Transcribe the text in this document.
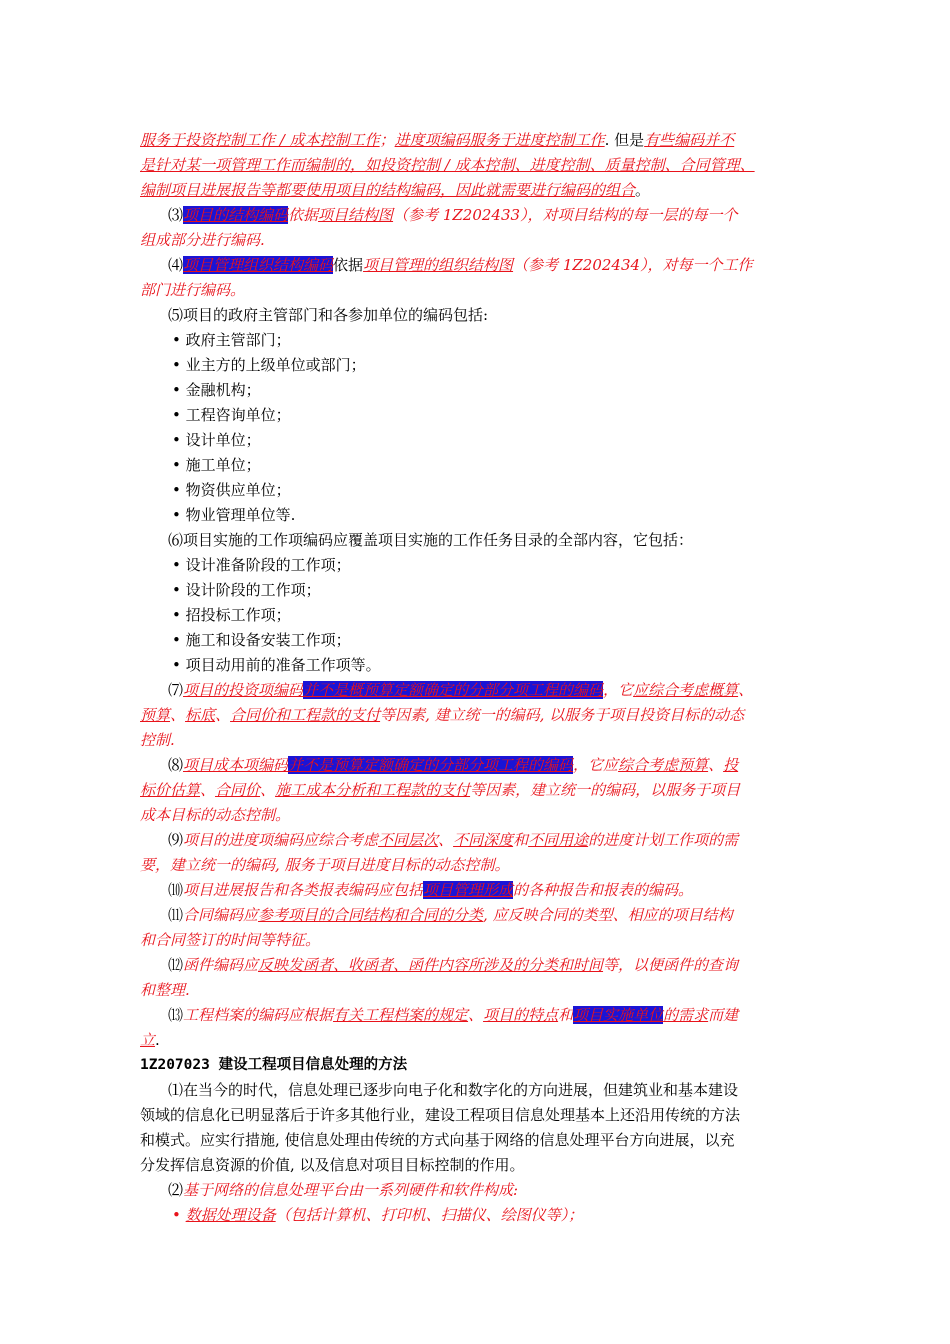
服务于投资控制工作 / 成本控制工作；进度项编码服务于进度控制工作. 但是有些编码并不
是针对某一项管理工作而编制的，如投资控制 / 成本控制、进度控制、质量控制、合同管理、
编制项目进展报告等都要使用项目的结构编码，因此就需要进行编码的组合。
⑶项目的结构编码依据项目结构图（参考 1Z202433），对项目结构的每一层的每一个
组成部分进行编码.
⑷项目管理组织结构编码依据项目管理的组织结构图（参考 1Z202434），对每一个工作
部门进行编码。
⑸项目的政府主管部门和各参加单位的编码包括:
• 政府主管部门；
• 业主方的上级单位或部门；
• 金融机构；
• 工程咨询单位；
• 设计单位；
• 施工单位；
• 物资供应单位；
• 物业管理单位等.
⑹项目实施的工作项编码应覆盖项目实施的工作任务目录的全部内容，它包括：
• 设计准备阶段的工作项；
• 设计阶段的工作项；
• 招投标工作项；
• 施工和设备安装工作项；
• 项目动用前的准备工作项等。
⑺项目的投资项编码并不是概预算定额确定的分部分项工程的编码，它应综合考虑概算、
预算、标底、合同价和工程款的支付等因素, 建立统一的编码, 以服务于项目投资目标的动态
控制.
⑻项目成本项编码并不是预算定额确定的分部分项工程的编码，它应综合考虑预算、投
标价估算、合同价、施工成本分析和工程款的支付等因素，建立统一的编码，以服务于项目
成本目标的动态控制。
⑼项目的进度项编码应综合考虑不同层次、不同深度和不同用途的进度计划工作项的需
要，建立统一的编码, 服务于项目进度目标的动态控制。
⑽项目进展报告和各类报表编码应包括项目管理形成的各种报告和报表的编码。
⑾合同编码应参考项目的合同结构和合同的分类, 应反映合同的类型、相应的项目结构
和合同签订的时间等特征。
⑿函件编码应反映发函者、收函者、函件内容所涉及的分类和时间等，以便函件的查询
和整理.
⒀工程档案的编码应根据有关工程档案的规定、项目的特点和项目实施单位的需求而建
立.
1Z207023 建设工程项目信息处理的方法
⑴在当今的时代，信息处理已逐步向电子化和数字化的方向进展，但建筑业和基本建设
领域的信息化已明显落后于许多其他行业，建设工程项目信息处理基本上还沿用传统的方法
和模式。应实行措施, 使信息处理由传统的方式向基于网络的信息处理平台方向进展，以充
分发挥信息资源的价值, 以及信息对项目目标控制的作用。
⑵基于网络的信息处理平台由一系列硬件和软件构成:
• 数据处理设备（包括计算机、打印机、扫描仪、绘图仪等）；
